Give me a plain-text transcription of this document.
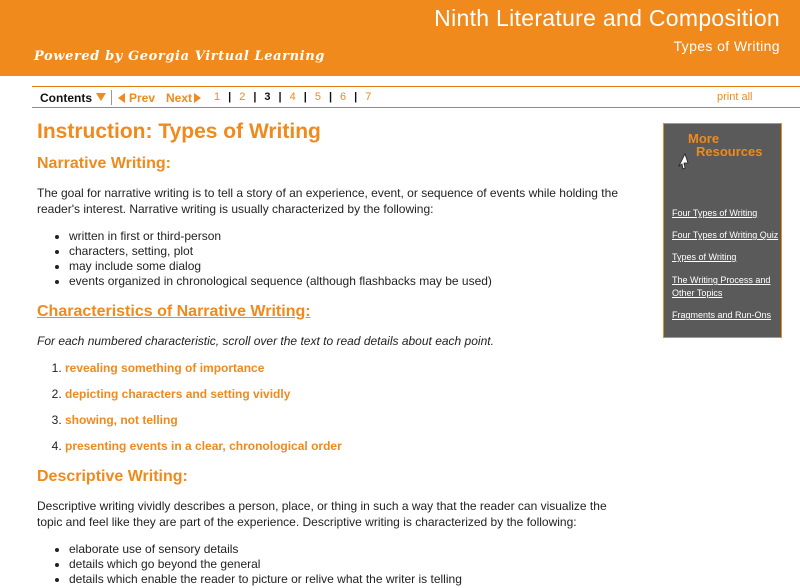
Ninth Literature and Composition
Types of Writing
Powered by Georgia Virtual Learning
Contents	Prev Next 1 | 2 | 3 | 4 | 5 | 6 | 7	print all
Instruction: Types of Writing
Narrative Writing:

The goal for narrative writing is to tell a story of an experience, event, or sequence of events while holding the reader's interest. Narrative writing is usually characterized by the following:

• written in first or third-person
• characters, setting, plot
• may include some dialog
• events organized in chronological sequence (although flashbacks may be used)
Characteristics of Narrative Writing:

For each numbered characteristic, scroll over the text to read details about each point.

1. revealing something of importance
2. depicting characters and setting vividly
3. showing, not telling
4. presenting events in a clear, chronological order
Descriptive Writing:

Descriptive writing vividly describes a person, place, or thing in such a way that the reader can visualize the topic and feel like they are part of the experience. Descriptive writing is characterized by the following:

• elaborate use of sensory details
• details which go beyond the general
• details which enable the reader to picture or relive what the writer is telling
More
Resources
Four Types of Writing
Four Types of Writing Quiz
Types of Writing
The Writing Process and Other Topics
Fragments and Run-Ons
